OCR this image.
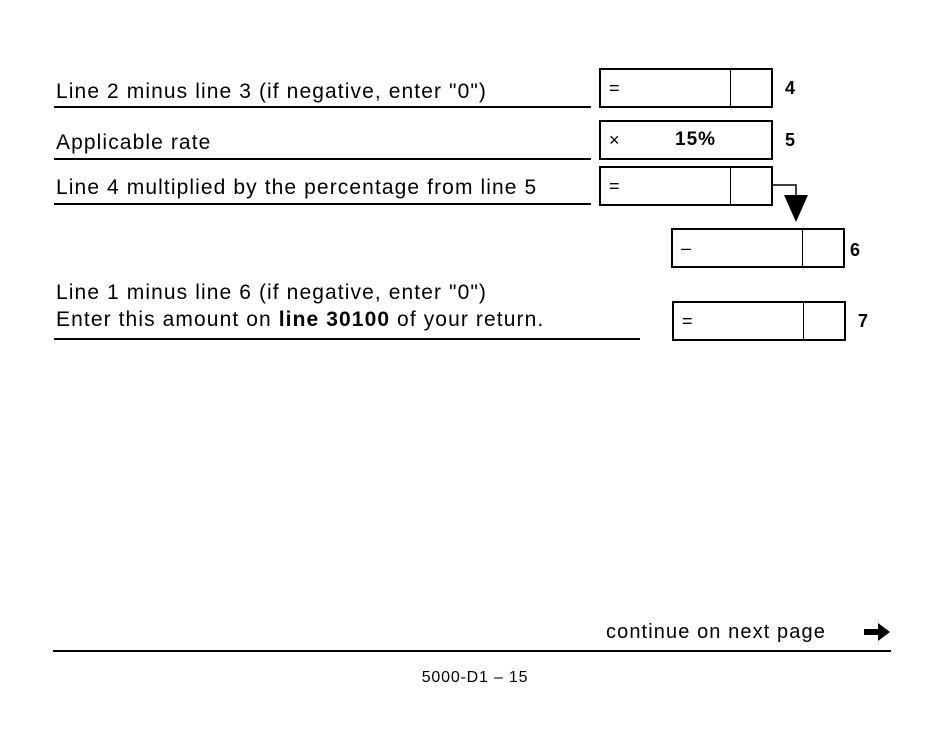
Line 2 minus line 3 (if negative, enter "0")	=	4
Applicable rate	×	15%	5
Line 4 multiplied by the percentage from line 5	=
–	6
Line 1 minus line 6 (if negative, enter "0")
Enter this amount on line 30100 of your return.	=	7
continue on next page
5000-D1 – 15
